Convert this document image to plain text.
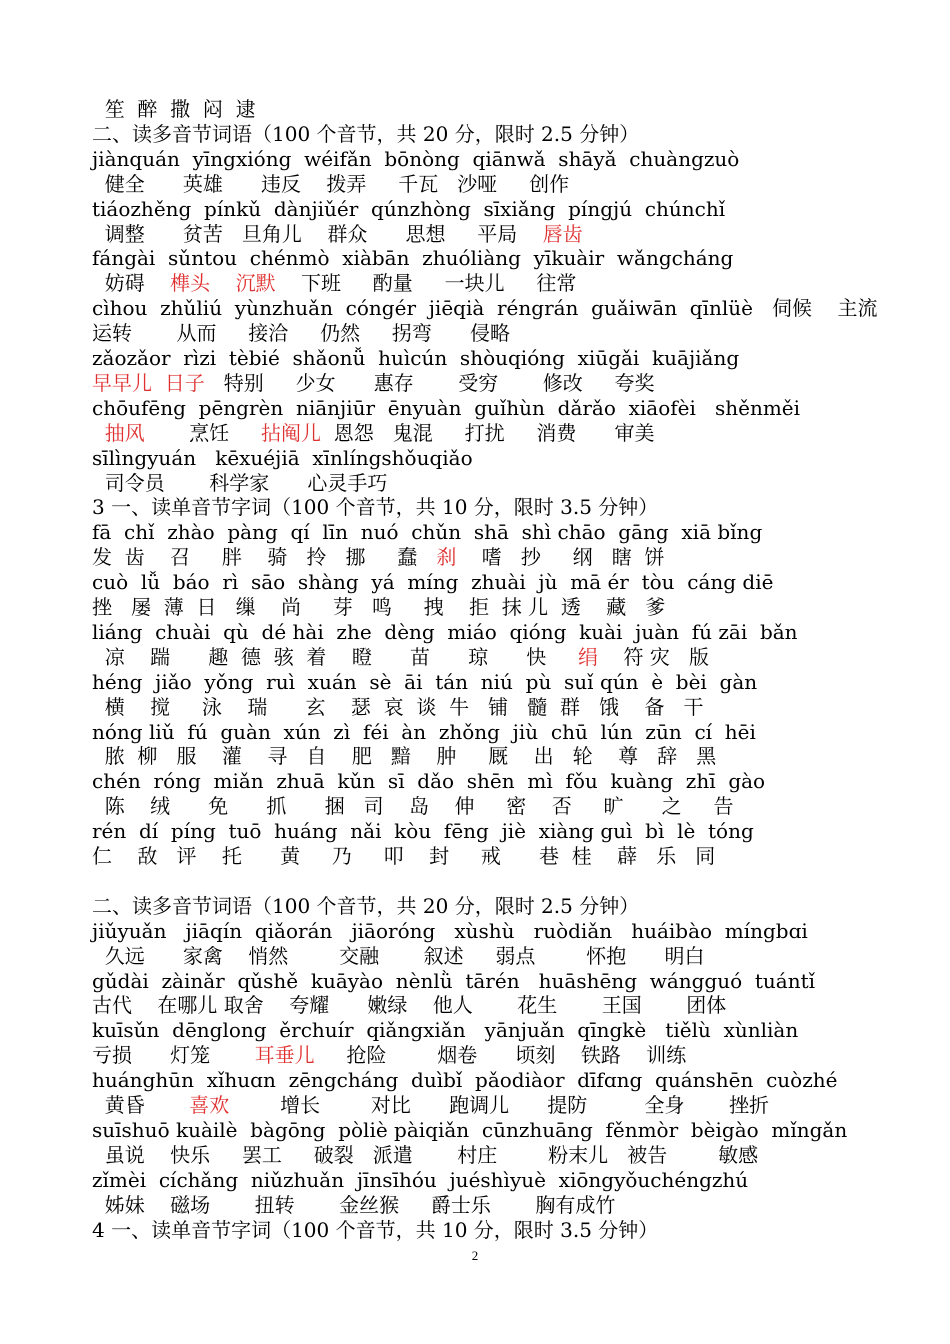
笙  醉  撒  闷  逮
二、读多音节词语（100 个音节，共 20 分，限时 2.5 分钟）
jiànquán  yīngxióng  wéifǎn  bōnòng  qiānwǎ  shāyǎ  chuàngzuò
健全      英雄      违反    拨弄     千瓦   沙哑     创作
tiáozhěng  pínkǔ  dànjiǔér  qúnzhòng  sīxiǎng  píngjú  chúnchǐ
调整      贫苦   旦角儿    群众      思想     平局    唇齿
fángài  sǔntou  chénmò  xiàbān  zhuóliàng  yīkuàir  wǎngcháng
妨碍    榫头 沉默    下班     酌量     一块儿     往常
cìhou  zhǔliú  yùnzhuǎn  cóngér  jiēqià  réngrán  guǎiwān  qīnlüè   伺候    主流
运转       从而     接洽     仍然     拐弯      侵略
zǎozǎor  rìzi  tèbié  shǎonǚ  huìcún  shòuqióng  xiūgǎi  kuājiǎng
早早儿  日子   特别     少女      惠存       受穷       修改     夸奖
chōufēng  pēngrèn  niānjiūr  ēnyuàn  guǐhùn  dǎrǎo  xiāofèi   shěnměi
抽风       烹饪     拈阄儿  恩怨   鬼混     打扰     消费      审美
sīlìngyuán   kēxuéjiā  xīnlíngshǒuqiǎo
司令员       科学家      心灵手巧
3 一、读单音节字词（100 个音节，共 10 分，限时 3.5 分钟）
fā  chǐ  zhào  pàng  qí  līn  nuó  chǔn  shā  shì chāo  gāng  xiā bǐng
发  齿    召     胖    骑   拎   挪     蠢   刹    嗜   抄     纲   瞎  饼
cuò  lǚ  báo  rì  sāo  shàng  yá  míng  zhuài  jù  mā ér  tòu  cáng diē
挫   屡  薄  日   缫    尚     芽   鸣     拽    拒  抹 儿  透    藏   爹
liáng  chuài  qù  dé hài  zhe  dèng  miáo  qióng  kuài  juàn  fú zāi  bǎn
凉    踹      趣  德  骇  着    瞪      苗      琼      快     绢    符 灾   版
héng  jiǎo  yǒng  ruì  xuán  sè  āi  tán  niú  pù  suǐ qún  è  bèi  gàn
横    搅     泳    瑞      玄    瑟  哀  谈  牛   铺   髓  群   饿    备   干
nóng liǔ  fú  guàn  xún  zì  féi  àn  zhǒng  jiù  chū  lún  zūn  cí  hēi
脓  柳   服    灌    寻   自    肥   黯    肿     厩    出   轮    尊   辞   黑
chén  róng  miǎn  zhuā  kǔn  sī  dǎo  shēn  mì  fǒu  kuàng  zhī  gào
陈    绒      免      抓      捆   司    岛    伸     密    否     旷      之     告
rén  dí  píng  tuō  huáng  nǎi  kòu  fēng  jiè  xiàng guì  bì  lè  tóng
仁    敌   评    托      黄     乃     叩    封     戒      巷  桂    薜   乐   同
二、读多音节词语（100 个音节，共 20 分，限时 2.5 分钟）
jiǔyuǎn   jiāqín  qiǎorán   jiāoróng   xùshù   ruòdiǎn   huáibào  míngbɑi
久远      家禽    悄然        交融       叙述     弱点        怀抱      明白
gǔdài  zàinǎr  qǔshě  kuāyào  nènlǜ  tārén   huāshēng  wángguó  tuántǐ
古代    在哪儿 取舍    夸耀      嫩绿    他人       花生       王国       团体
kuīsǔn  dēnglong  ěrchuír  qiǎngxiǎn   yānjuǎn  qīngkè   tiělù  xùnliàn
亏损      灯笼       耳垂儿     抢险        烟卷      顷刻    铁路    训练
huánghūn  xǐhuɑn  zēngcháng  duìbǐ  pǎodiàor  dīfɑng  quánshēn  cuòzhé
黄昏       喜欢        增长        对比      跑调儿      提防         全身       挫折
suīshuō kuàilè  bàgōng  pòliè pàiqiǎn  cūnzhuāng  fěnmòr  bèigào  mǐngǎn
虽说    快乐     罢工     破裂   派遣       村庄        粉末儿   被告        敏感
zǐmèi  cíchǎng  niǔzhuǎn  jīnsīhóu  juéshìyuè  xiōngyǒuchéngzhú
姊妹    磁场       扭转       金丝猴     爵士乐       胸有成竹
4 一、读单音节字词（100 个音节，共 10 分，限时 3.5 分钟）
2
